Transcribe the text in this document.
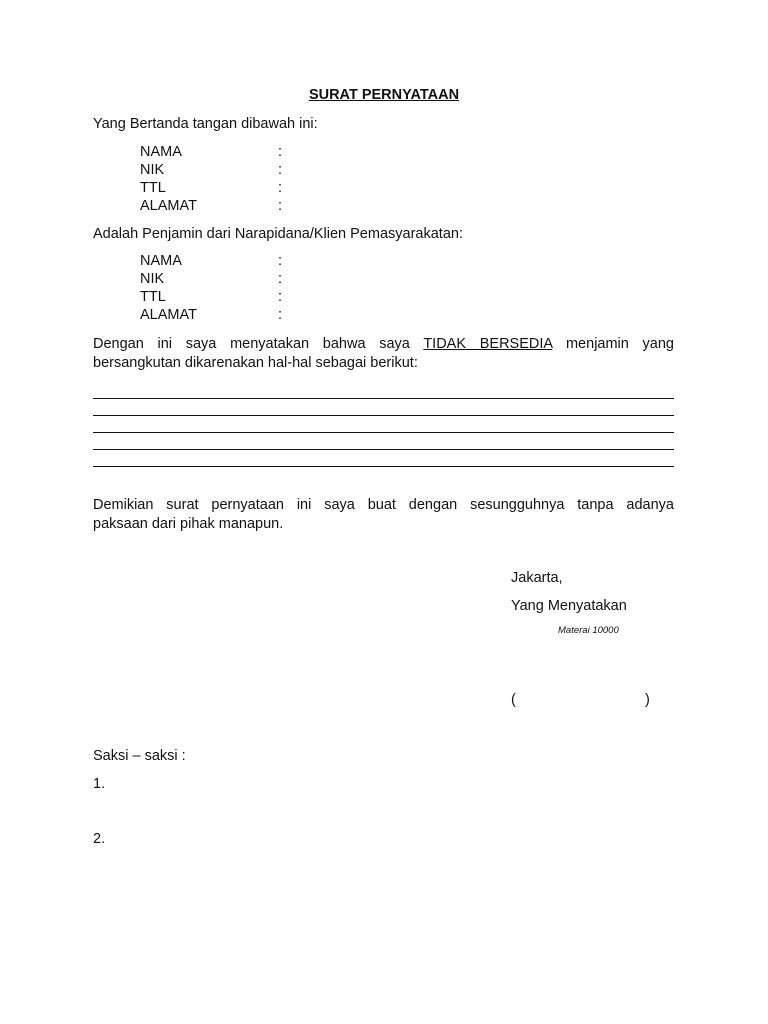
SURAT PERNYATAAN
Yang Bertanda tangan dibawah ini:
NAMA	:
NIK	:
TTL	:
ALAMAT	:
Adalah Penjamin dari Narapidana/Klien Pemasyarakatan:
NAMA	:
NIK	:
TTL	:
ALAMAT	:
Dengan ini saya menyatakan bahwa saya TIDAK BERSEDIA menjamin yang
bersangkutan dikarenakan hal-hal sebagai berikut:
Demikian surat pernyataan ini saya buat dengan sesungguhnya tanpa adanya
paksaan dari pihak manapun.
Jakarta,
Yang Menyatakan
Materai 10000
(	)
Saksi – saksi :
1.
2.
